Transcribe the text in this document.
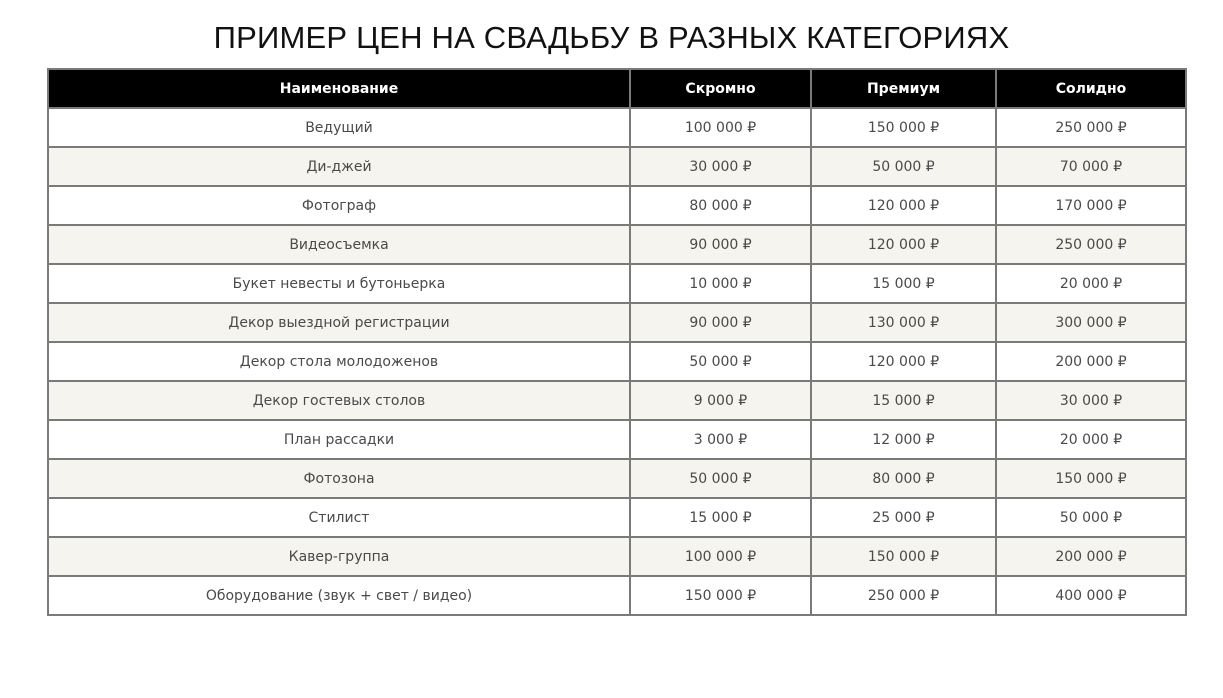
ПРИМЕР ЦЕН НА СВАДЬБУ В РАЗНЫХ КАТЕГОРИЯХ
Наименование	Скромно	Премиум	Солидно
Ведущий	100 000 ₽	150 000 ₽	250 000 ₽
Ди-джей	30 000 ₽	50 000 ₽	70 000 ₽
Фотограф	80 000 ₽	120 000 ₽	170 000 ₽
Видеосъемка	90 000 ₽	120 000 ₽	250 000 ₽
Букет невесты и бутоньерка	10 000 ₽	15 000 ₽	20 000 ₽
Декор выездной регистрации	90 000 ₽	130 000 ₽	300 000 ₽
Декор стола молодоженов	50 000 ₽	120 000 ₽	200 000 ₽
Декор гостевых столов	9 000 ₽	15 000 ₽	30 000 ₽
План рассадки	3 000 ₽	12 000 ₽	20 000 ₽
Фотозона	50 000 ₽	80 000 ₽	150 000 ₽
Стилист	15 000 ₽	25 000 ₽	50 000 ₽
Кавер-группа	100 000 ₽	150 000 ₽	200 000 ₽
Оборудование (звук + свет / видео)	150 000 ₽	250 000 ₽	400 000 ₽
